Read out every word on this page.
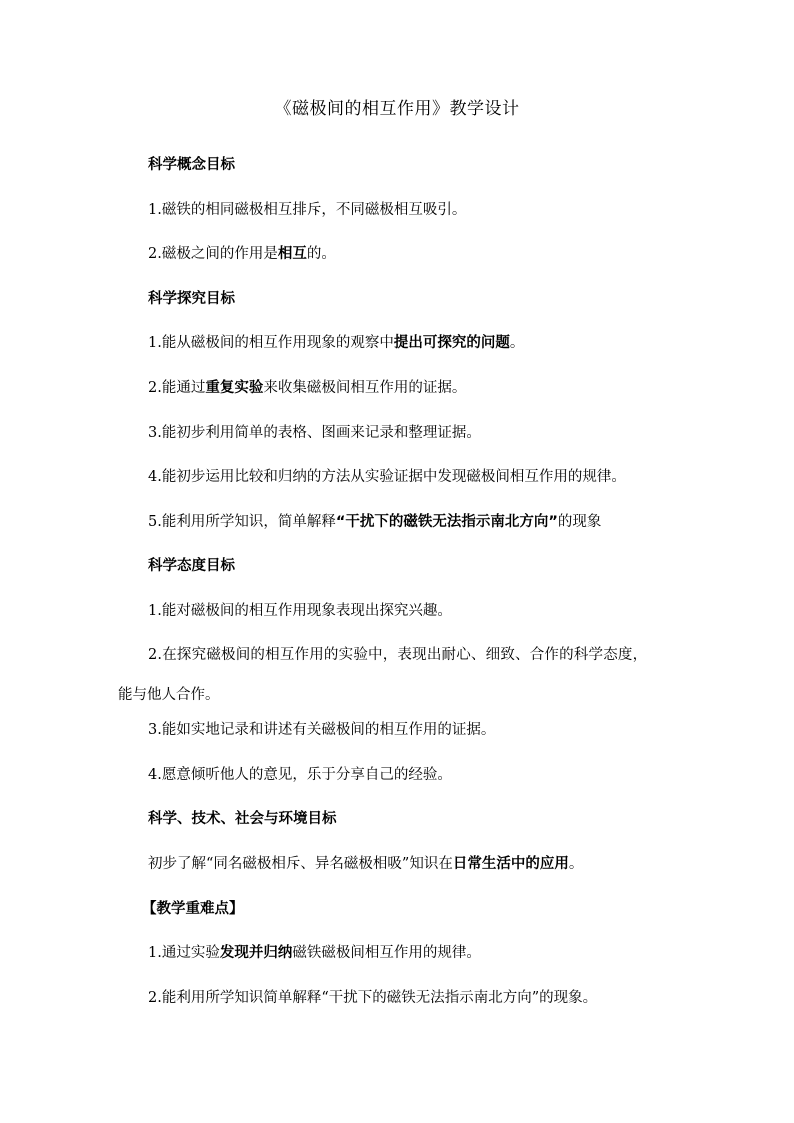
《磁极间的相互作用》教学设计
科学概念目标
1.磁铁的相同磁极相互排斥，不同磁极相互吸引。
2.磁极之间的作用是相互的。
科学探究目标
1.能从磁极间的相互作用现象的观察中提出可探究的问题。
2.能通过重复实验来收集磁极间相互作用的证据。
3.能初步利用简单的表格、图画来记录和整理证据。
4.能初步运用比较和归纳的方法从实验证据中发现磁极间相互作用的规律。
5.能利用所学知识，简单解释“干扰下的磁铁无法指示南北方向”的现象
科学态度目标
1.能对磁极间的相互作用现象表现出探究兴趣。
2.在探究磁极间的相互作用的实验中，表现出耐心、细致、合作的科学态度，
能与他人合作。
3.能如实地记录和讲述有关磁极间的相互作用的证据。
4.愿意倾听他人的意见，乐于分享自己的经验。
科学、技术、社会与环境目标
初步了解“同名磁极相斥、异名磁极相吸”知识在日常生活中的应用。
【教学重难点】
1.通过实验发现并归纳磁铁磁极间相互作用的规律。
2.能利用所学知识简单解释“干扰下的磁铁无法指示南北方向”的现象。
